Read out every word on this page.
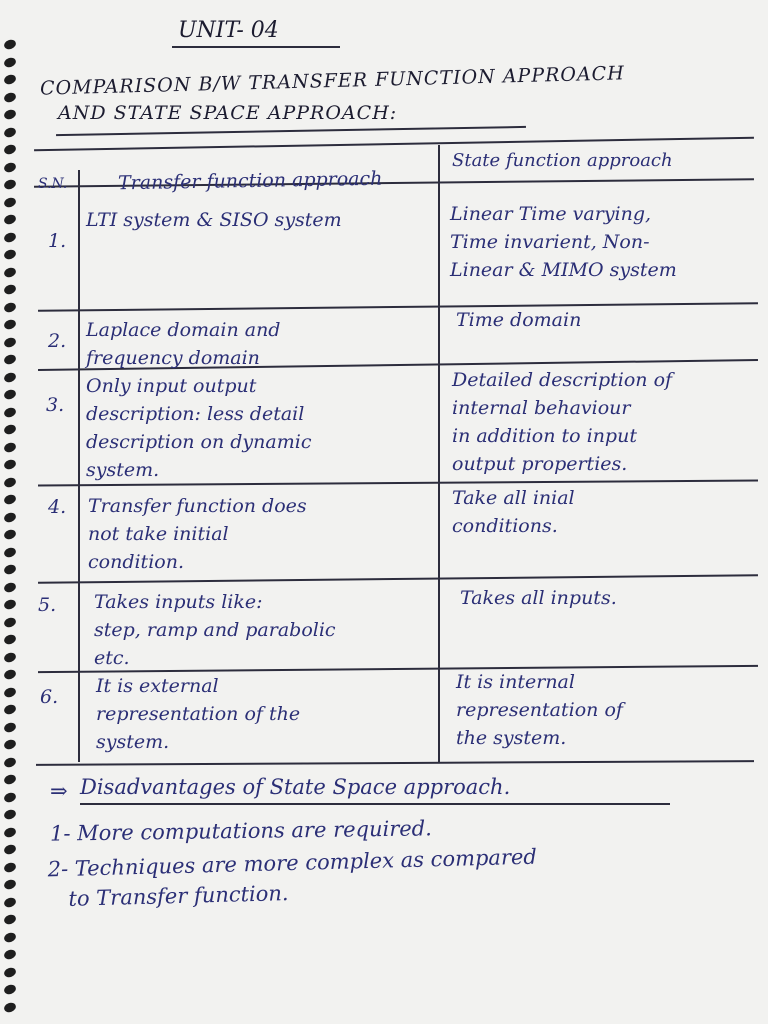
UNIT- 04
COMPARISON B/W TRANSFER FUNCTION APPROACH
AND STATE SPACE APPROACH:
S.N.	Transfer function approach
State function approach
1.
LTI system & SISO system	Linear Time varying,
Time invarient, Non-
Linear & MIMO system
2. Laplace domain and
frequency domain
Time domain
3.
Only input output
description: less detail
description on dynamic
system.
Detailed description of
internal behaviour
in addition to input
output properties.
4. Transfer function does
not take initial
condition.
Take all inial
conditions.
5. Takes inputs like:
step, ramp and parabolic
etc.
Takes all inputs.
6. It is external
representation of the
system.
It is internal
representation of
the system.
⇒ Disadvantages of State Space approach.
1- More computations are required.
2- Techniques are more complex as compared
to Transfer function.
